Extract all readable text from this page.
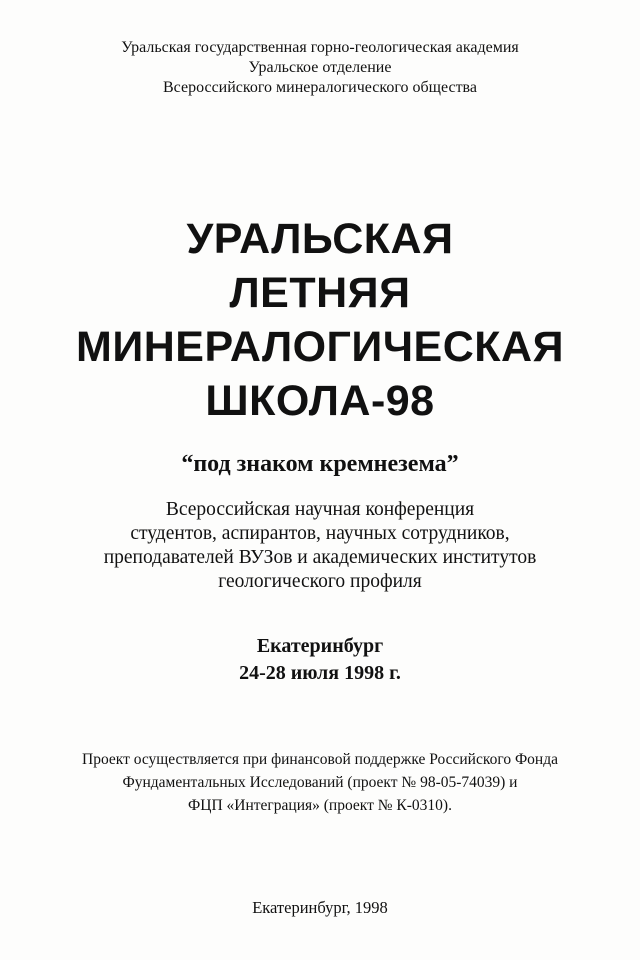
Уральская государственная горно-геологическая академия
Уральское отделение
Всероссийского минералогического общества
УРАЛЬСКАЯ
ЛЕТНЯЯ
МИНЕРАЛОГИЧЕСКАЯ
ШКОЛА-98
“под знаком кремнезема”
Всероссийская научная конференция
студентов, аспирантов, научных сотрудников,
преподавателей ВУЗов и академических институтов
геологического профиля
Екатеринбург
24-28 июля 1998 г.
Проект осуществляется при финансовой поддержке Российского Фонда
Фундаментальных Исследований (проект № 98-05-74039) и
ФЦП «Интеграция» (проект № К-0310).
Екатеринбург, 1998
